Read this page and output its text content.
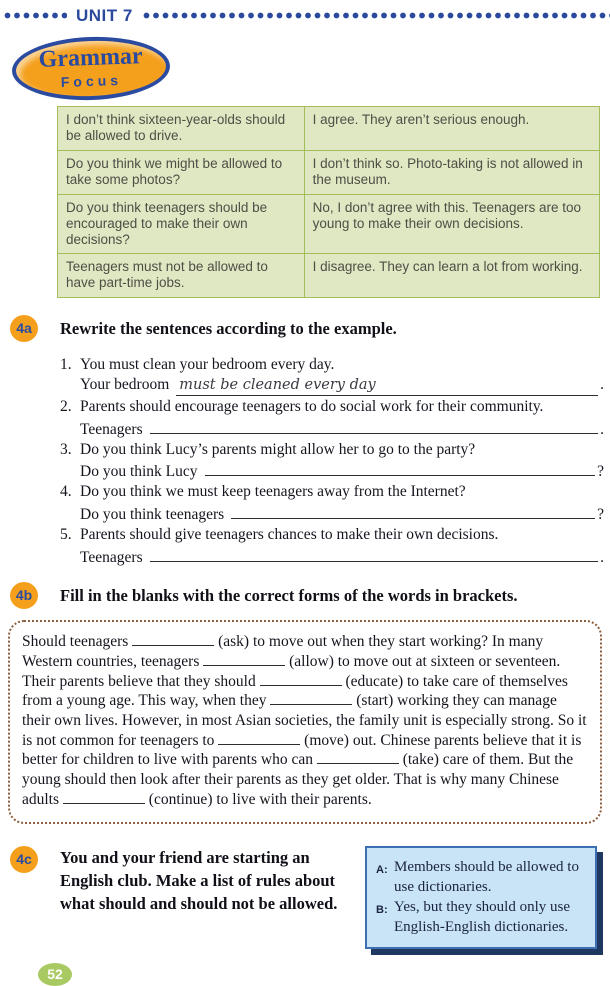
UNIT 7
Grammar
Focus
I don’t think sixteen-year-olds should be allowed to drive.	I agree. They aren’t serious enough.
Do you think we might be allowed to take some photos?	I don’t think so. Photo-taking is not allowed in the museum.
Do you think teenagers should be encouraged to make their own decisions?	No, I don’t agree with this. Teenagers are too young to make their own decisions.
Teenagers must not be allowed to have part-time jobs.	I disagree. They can learn a lot from working.
4a	Rewrite the sentences according to the example.
1. You must clean your bedroom every day.
Your bedroom must be cleaned every day	.
2. Parents should encourage teenagers to do social work for their community.
Teenagers	.
3. Do you think Lucy’s parents might allow her to go to the party?
Do you think Lucy	?
4. Do you think we must keep teenagers away from the Internet?
Do you think teenagers	?
5. Parents should give teenagers chances to make their own decisions.
Teenagers	.
4b	Fill in the blanks with the correct forms of the words in brackets.
Should teenagers	(ask) to move out when they start working? In many Western countries, teenagers	(allow) to move out at sixteen or seventeen. Their parents believe that they should	(educate) to take care of themselves from a young age. This way, when they	(start) working they can manage their own lives. However, in most Asian societies, the family unit is especially strong. So it is not common for teenagers to	(move) out. Chinese parents believe that it is better for children to live with parents who can	(take) care of them. But the young should then look after their parents as they get older. That is why many Chinese adults	(continue) to live with their parents.
4c	You and your friend are starting an English club. Make a list of rules about what should and should not be allowed.
A: Members should be allowed to use dictionaries.
B: Yes, but they should only use English-English dictionaries.
52
